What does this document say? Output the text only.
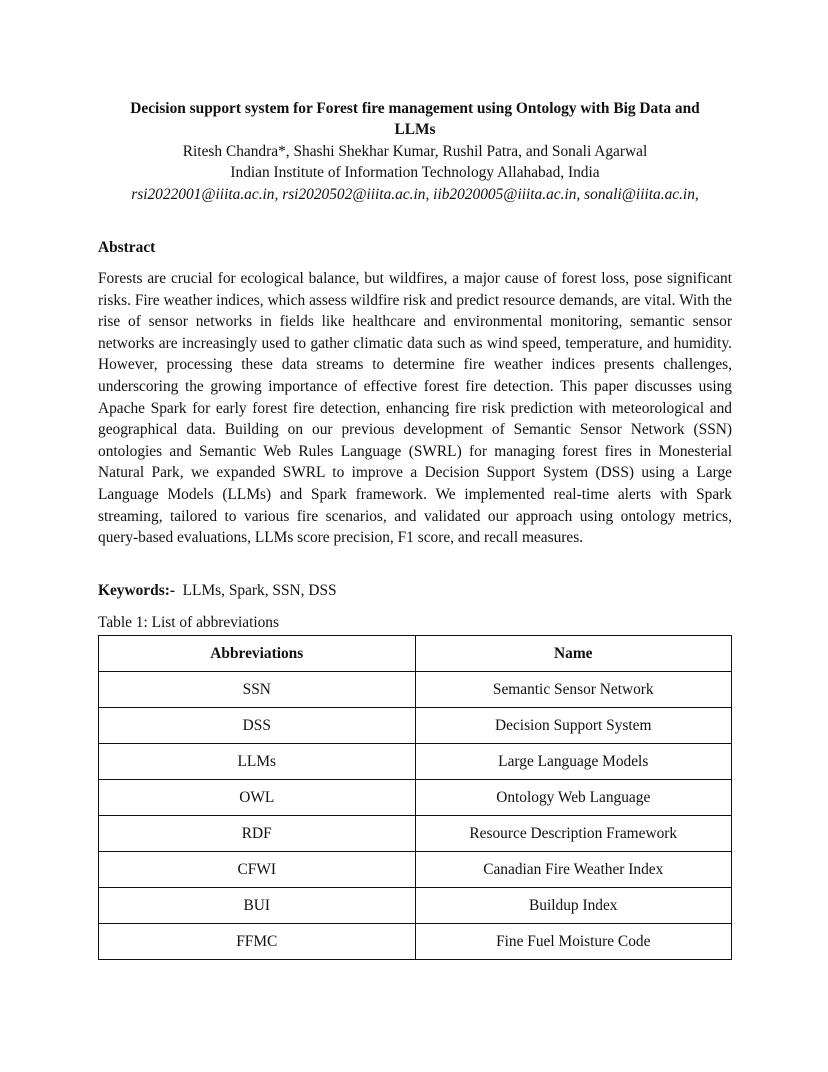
Decision support system for Forest fire management using Ontology with Big Data and
LLMs
Ritesh Chandra*, Shashi Shekhar Kumar, Rushil Patra, and Sonali Agarwal
Indian Institute of Information Technology Allahabad, India
rsi2022001@iiita.ac.in, rsi2020502@iiita.ac.in, iib2020005@iiita.ac.in, sonali@iiita.ac.in,
Abstract
Forests are crucial for ecological balance, but wildfires, a major cause of forest loss, pose significant risks. Fire weather indices, which assess wildfire risk and predict resource demands, are vital. With the rise of sensor networks in fields like healthcare and environmental monitoring, semantic sensor networks are increasingly used to gather climatic data such as wind speed, temperature, and humidity. However, processing these data streams to determine fire weather indices presents challenges, underscoring the growing importance of effective forest fire detection. This paper discusses using Apache Spark for early forest fire detection, enhancing fire risk prediction with meteorological and geographical data. Building on our previous development of Semantic Sensor Network (SSN) ontologies and Semantic Web Rules Language (SWRL) for managing forest fires in Monesterial Natural Park, we expanded SWRL to improve a Decision Support System (DSS) using a Large Language Models (LLMs) and Spark framework. We implemented real-time alerts with Spark streaming, tailored to various fire scenarios, and validated our approach using ontology metrics, query-based evaluations, LLMs score precision, F1 score, and recall measures.
Keywords:- LLMs, Spark, SSN, DSS
Table 1: List of abbreviations
Abbreviations	Name
SSN	Semantic Sensor Network
DSS	Decision Support System
LLMs	Large Language Models
OWL	Ontology Web Language
RDF	Resource Description Framework
CFWI	Canadian Fire Weather Index
BUI	Buildup Index
FFMC	Fine Fuel Moisture Code
